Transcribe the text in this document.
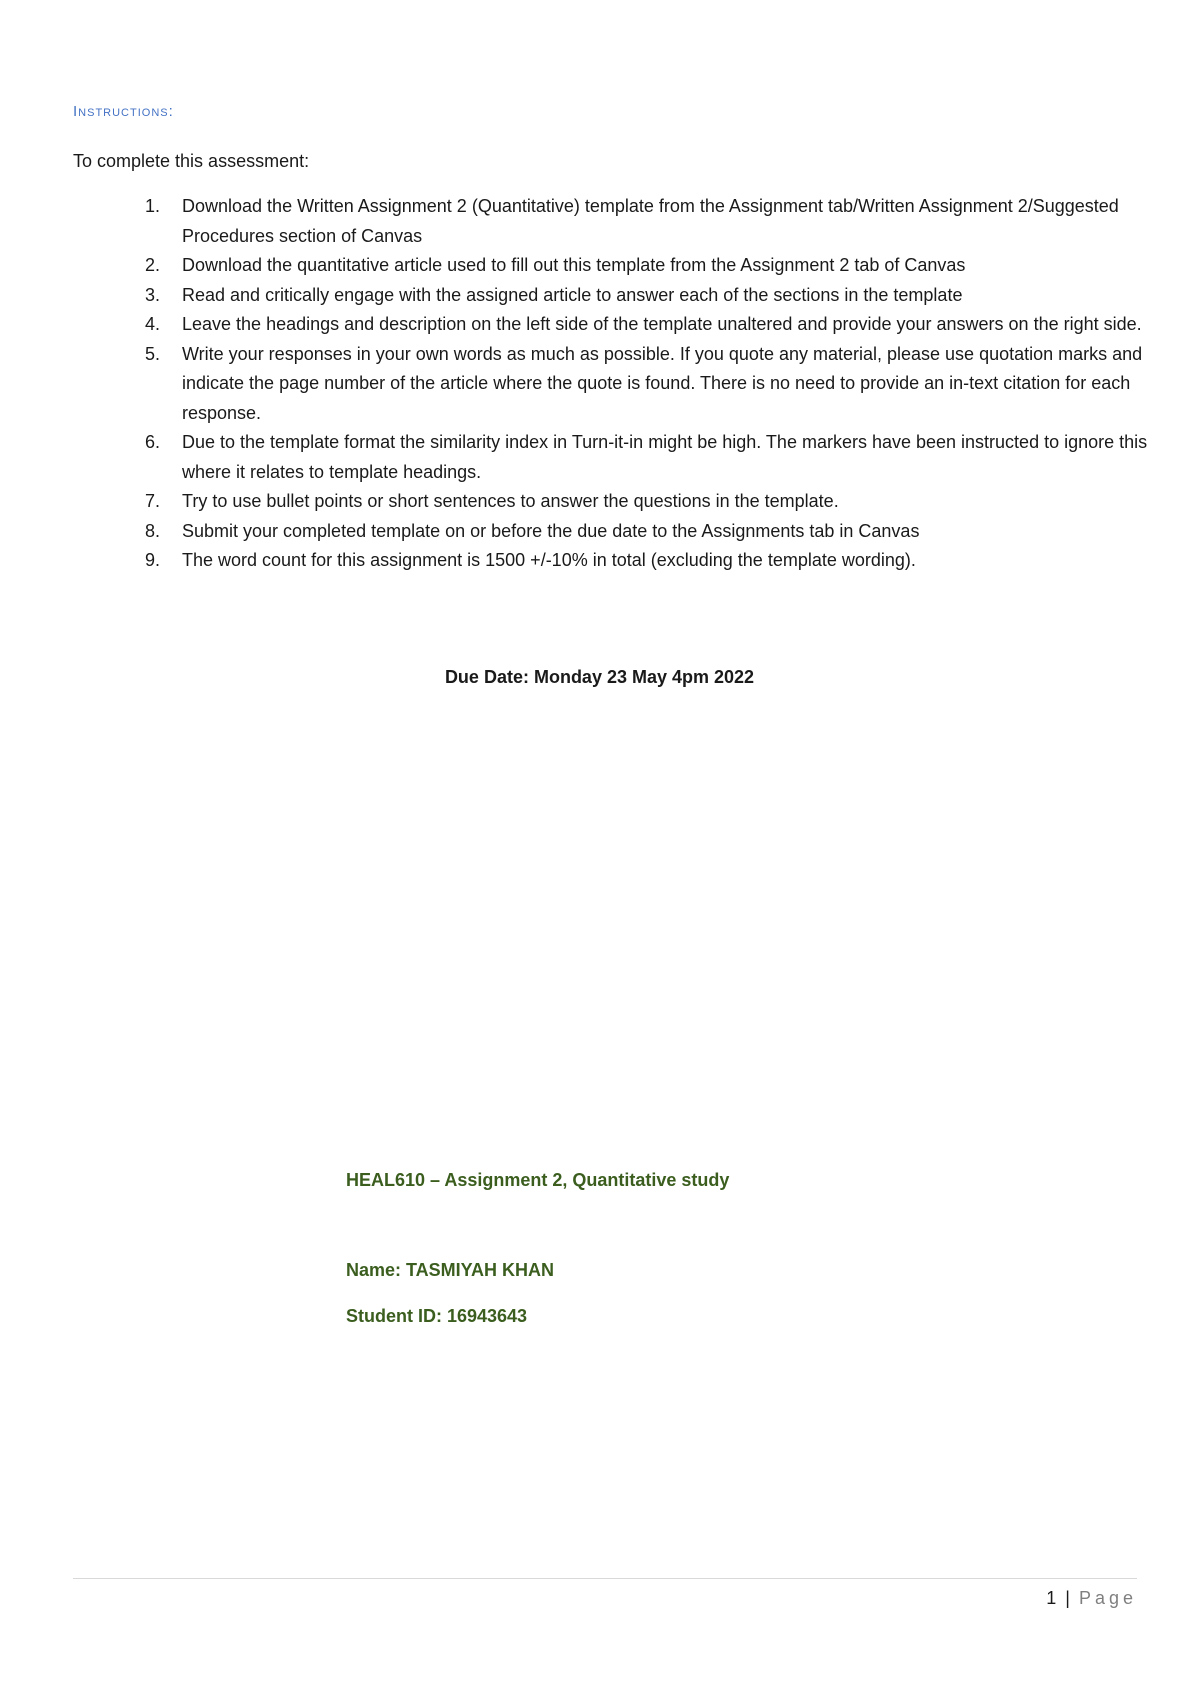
Instructions:
To complete this assessment:
1.	Download the Written Assignment 2 (Quantitative) template from the Assignment tab/Written Assignment 2/Suggested Procedures section of Canvas
2.	Download the quantitative article used to fill out this template from the Assignment 2 tab of Canvas
3.	Read and critically engage with the assigned article to answer each of the sections in the template
4.	Leave the headings and description on the left side of the template unaltered and provide your answers on the right side.
5.	Write your responses in your own words as much as possible. If you quote any material, please use quotation marks and indicate the page number of the article where the quote is found. There is no need to provide an in-text citation for each response.
6.	Due to the template format the similarity index in Turn-it-in might be high. The markers have been instructed to ignore this where it relates to template headings.
7.	Try to use bullet points or short sentences to answer the questions in the template.
8.	Submit your completed template on or before the due date to the Assignments tab in Canvas
9.	The word count for this assignment is 1500 +/-10% in total (excluding the template wording).
Due Date: Monday 23 May 4pm 2022
HEAL610 – Assignment 2, Quantitative study
Name: TASMIYAH KHAN
Student ID: 16943643
1 | Page
